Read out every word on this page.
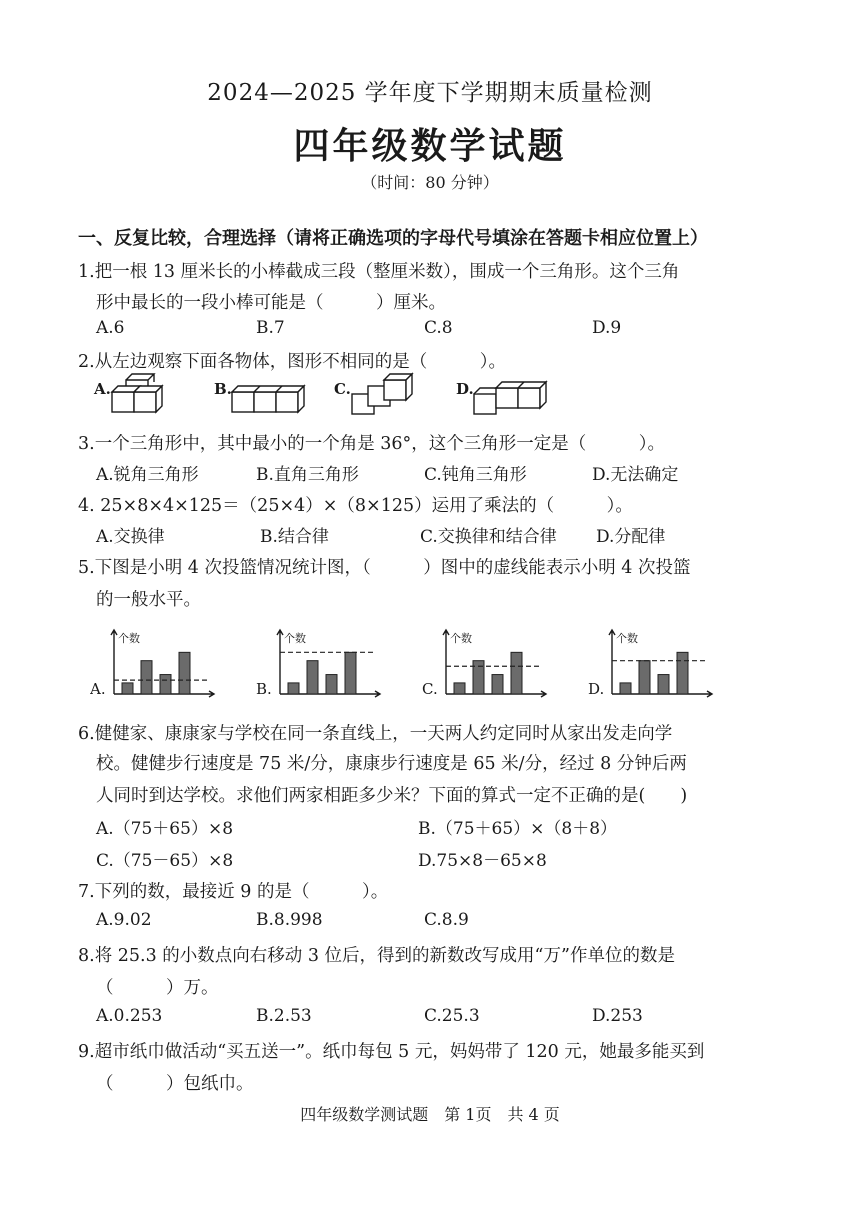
2024—2025 学年度下学期期末质量检测
四年级数学试题
（时间：80 分钟）
一、反复比较，合理选择（请将正确选项的字母代号填涂在答题卡相应位置上）
1.把一根 13 厘米长的小棒截成三段（整厘米数），围成一个三角形。这个三角
形中最长的一段小棒可能是（　　　）厘米。
A.6	B.7	C.8	D.9
2.从左边观察下面各物体，图形不相同的是（　　　）。
A.	B.	C.	D.
3.一个三角形中，其中最小的一个角是 36°，这个三角形一定是（　　　）。
A.锐角三角形	B.直角三角形	C.钝角三角形	D.无法确定
4. 25×8×4×125＝（25×4）×（8×125）运用了乘法的（　　　）。
A.交换律	B.结合律	C.交换律和结合律 D.分配律
5.下图是小明 4 次投篮情况统计图，（　　　）图中的虚线能表示小明 4 次投篮
的一般水平。
A.
个数
B.
个数
C.
个数
D.
个数
6.健健家、康康家与学校在同一条直线上，一天两人约定同时从家出发走向学
校。健健步行速度是 75 米/分，康康步行速度是 65 米/分，经过 8 分钟后两
人同时到达学校。求他们两家相距多少米？下面的算式一定不正确的是(　　)
A.（75＋65）×8	B.（75＋65）×（8＋8）
C.（75－65）×8	D.75×8－65×8
7.下列的数，最接近 9 的是（　　　）。
A.9.02	B.8.998	C.8.9
8.将 25.3 的小数点向右移动 3 位后，得到的新数改写成用“万”作单位的数是
（　　　）万。
A.0.253	B.2.53	C.25.3	D.253
9.超市纸巾做活动“买五送一”。纸巾每包 5 元，妈妈带了 120 元，她最多能买到
（　　　）包纸巾。
四年级数学测试题　第 1页　共 4 页
